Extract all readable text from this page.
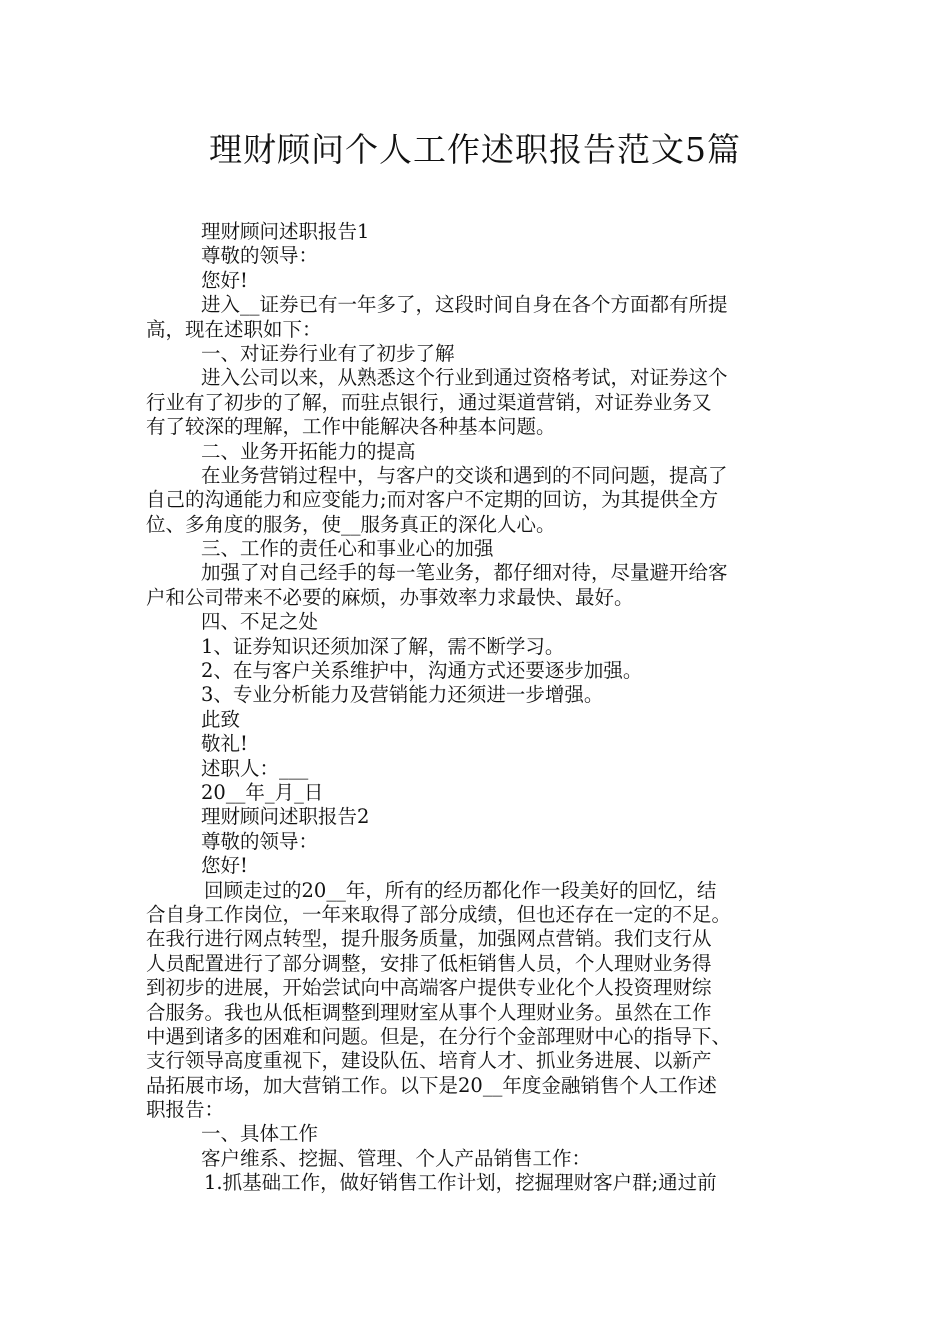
理财顾问个人工作述职报告范文5篇
理财顾问述职报告1
尊敬的领导：
您好!
进入__证券已有一年多了，这段时间自身在各个方面都有所提
高，现在述职如下：
一、对证券行业有了初步了解
进入公司以来，从熟悉这个行业到通过资格考试，对证券这个
行业有了初步的了解，而驻点银行，通过渠道营销，对证券业务又
有了较深的理解，工作中能解决各种基本问题。
二、业务开拓能力的提高
在业务营销过程中，与客户的交谈和遇到的不同问题，提高了
自己的沟通能力和应变能力;而对客户不定期的回访，为其提供全方
位、多角度的服务，使__服务真正的深化人心。
三、工作的责任心和事业心的加强
加强了对自己经手的每一笔业务，都仔细对待，尽量避开给客
户和公司带来不必要的麻烦，办事效率力求最快、最好。
四、不足之处
1、证券知识还须加深了解，需不断学习。
2、在与客户关系维护中，沟通方式还要逐步加强。
3、专业分析能力及营销能力还须进一步增强。
此致
敬礼!
述职人：___
20__年_月_日
理财顾问述职报告2
尊敬的领导：
您好!
回顾走过的20__年，所有的经历都化作一段美好的回忆，结
合自身工作岗位，一年来取得了部分成绩，但也还存在一定的不足。
在我行进行网点转型，提升服务质量，加强网点营销。我们支行从
人员配置进行了部分调整，安排了低柜销售人员，个人理财业务得
到初步的进展，开始尝试向中高端客户提供专业化个人投资理财综
合服务。我也从低柜调整到理财室从事个人理财业务。虽然在工作
中遇到诸多的困难和问题。但是，在分行个金部理财中心的指导下、
支行领导高度重视下，建设队伍、培育人才、抓业务进展、以新产
品拓展市场，加大营销工作。以下是20__年度金融销售个人工作述
职报告：
一、具体工作
客户维系、挖掘、管理、个人产品销售工作：
1.抓基础工作，做好销售工作计划，挖掘理财客户群;通过前
